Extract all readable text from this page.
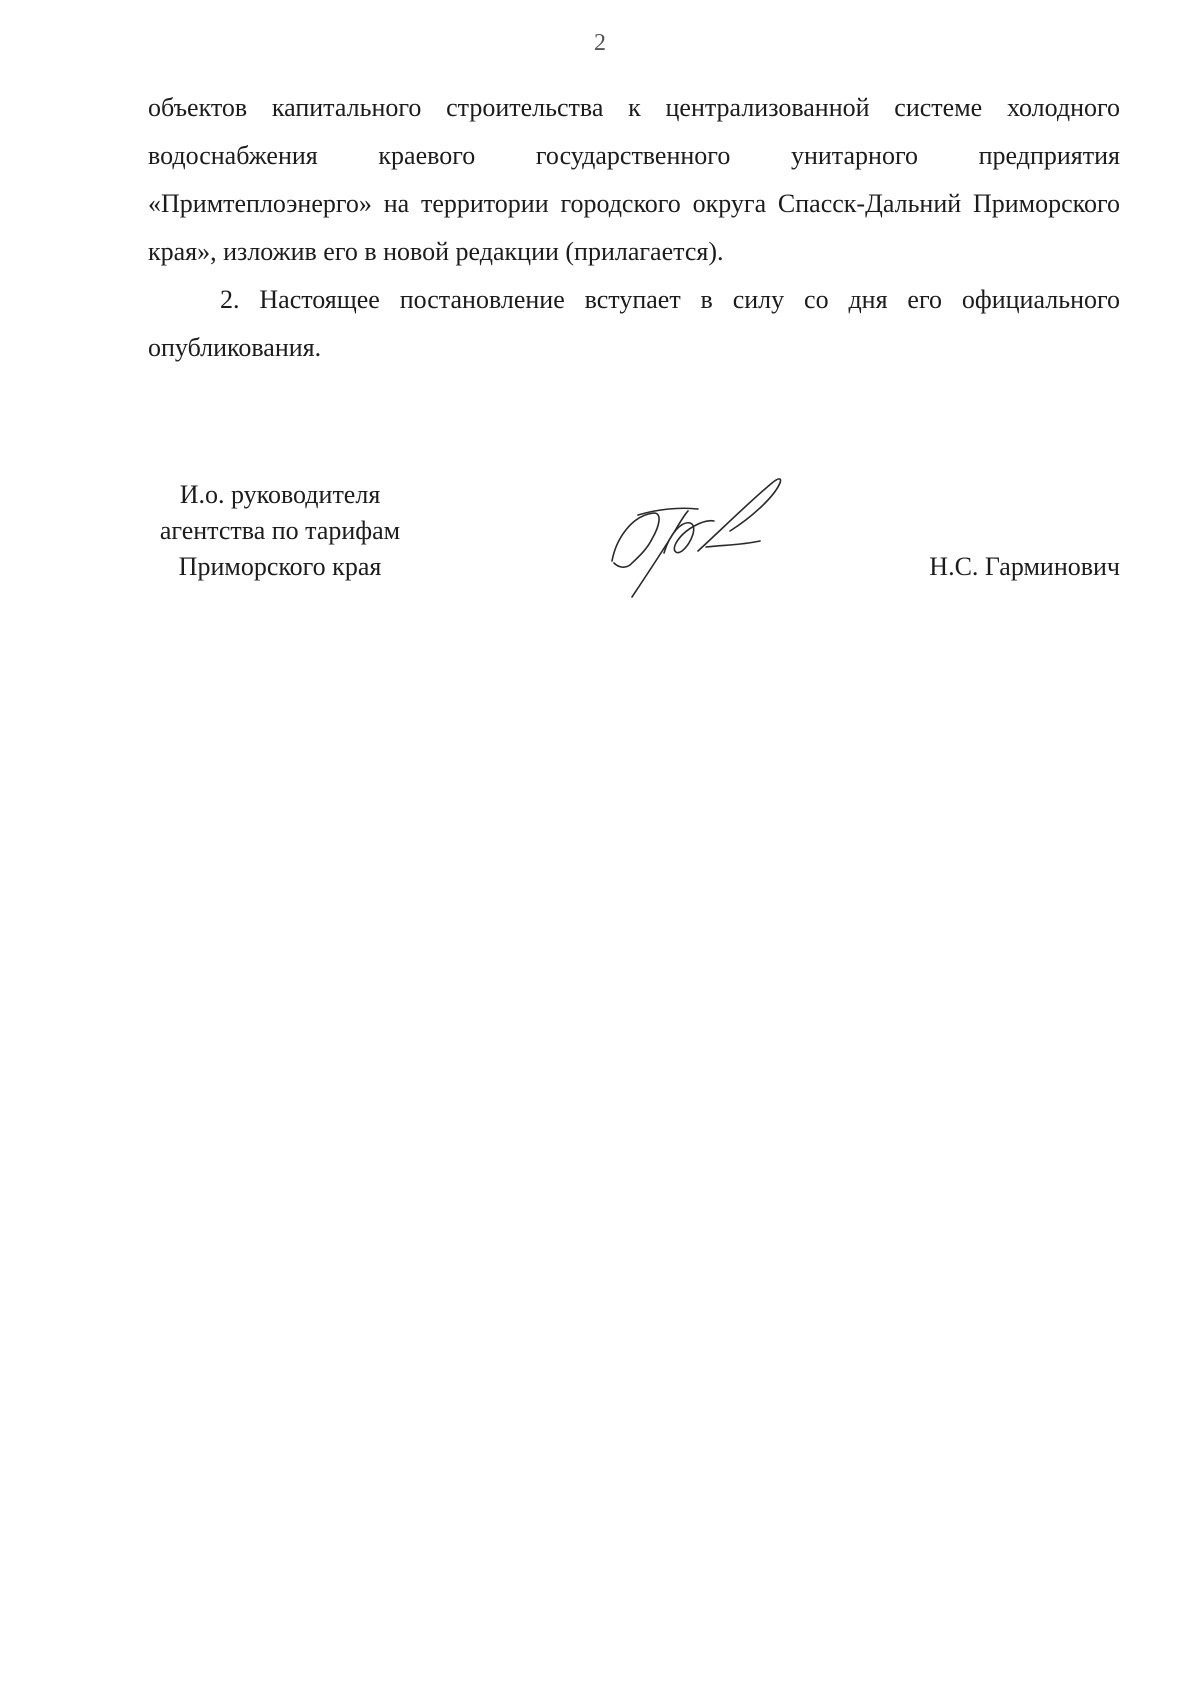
2

объектов капитального строительства к централизованной системе холодного водоснабжения краевого государственного унитарного предприятия «Примтеплоэнерго» на территории городского округа Спасск-Дальний Приморского края», изложив его в новой редакции (прилагается).

2. Настоящее постановление вступает в силу со дня его официального опубликования.

И.о. руководителя
агентства по тарифам
Приморского края	Н.С. Гарминович
